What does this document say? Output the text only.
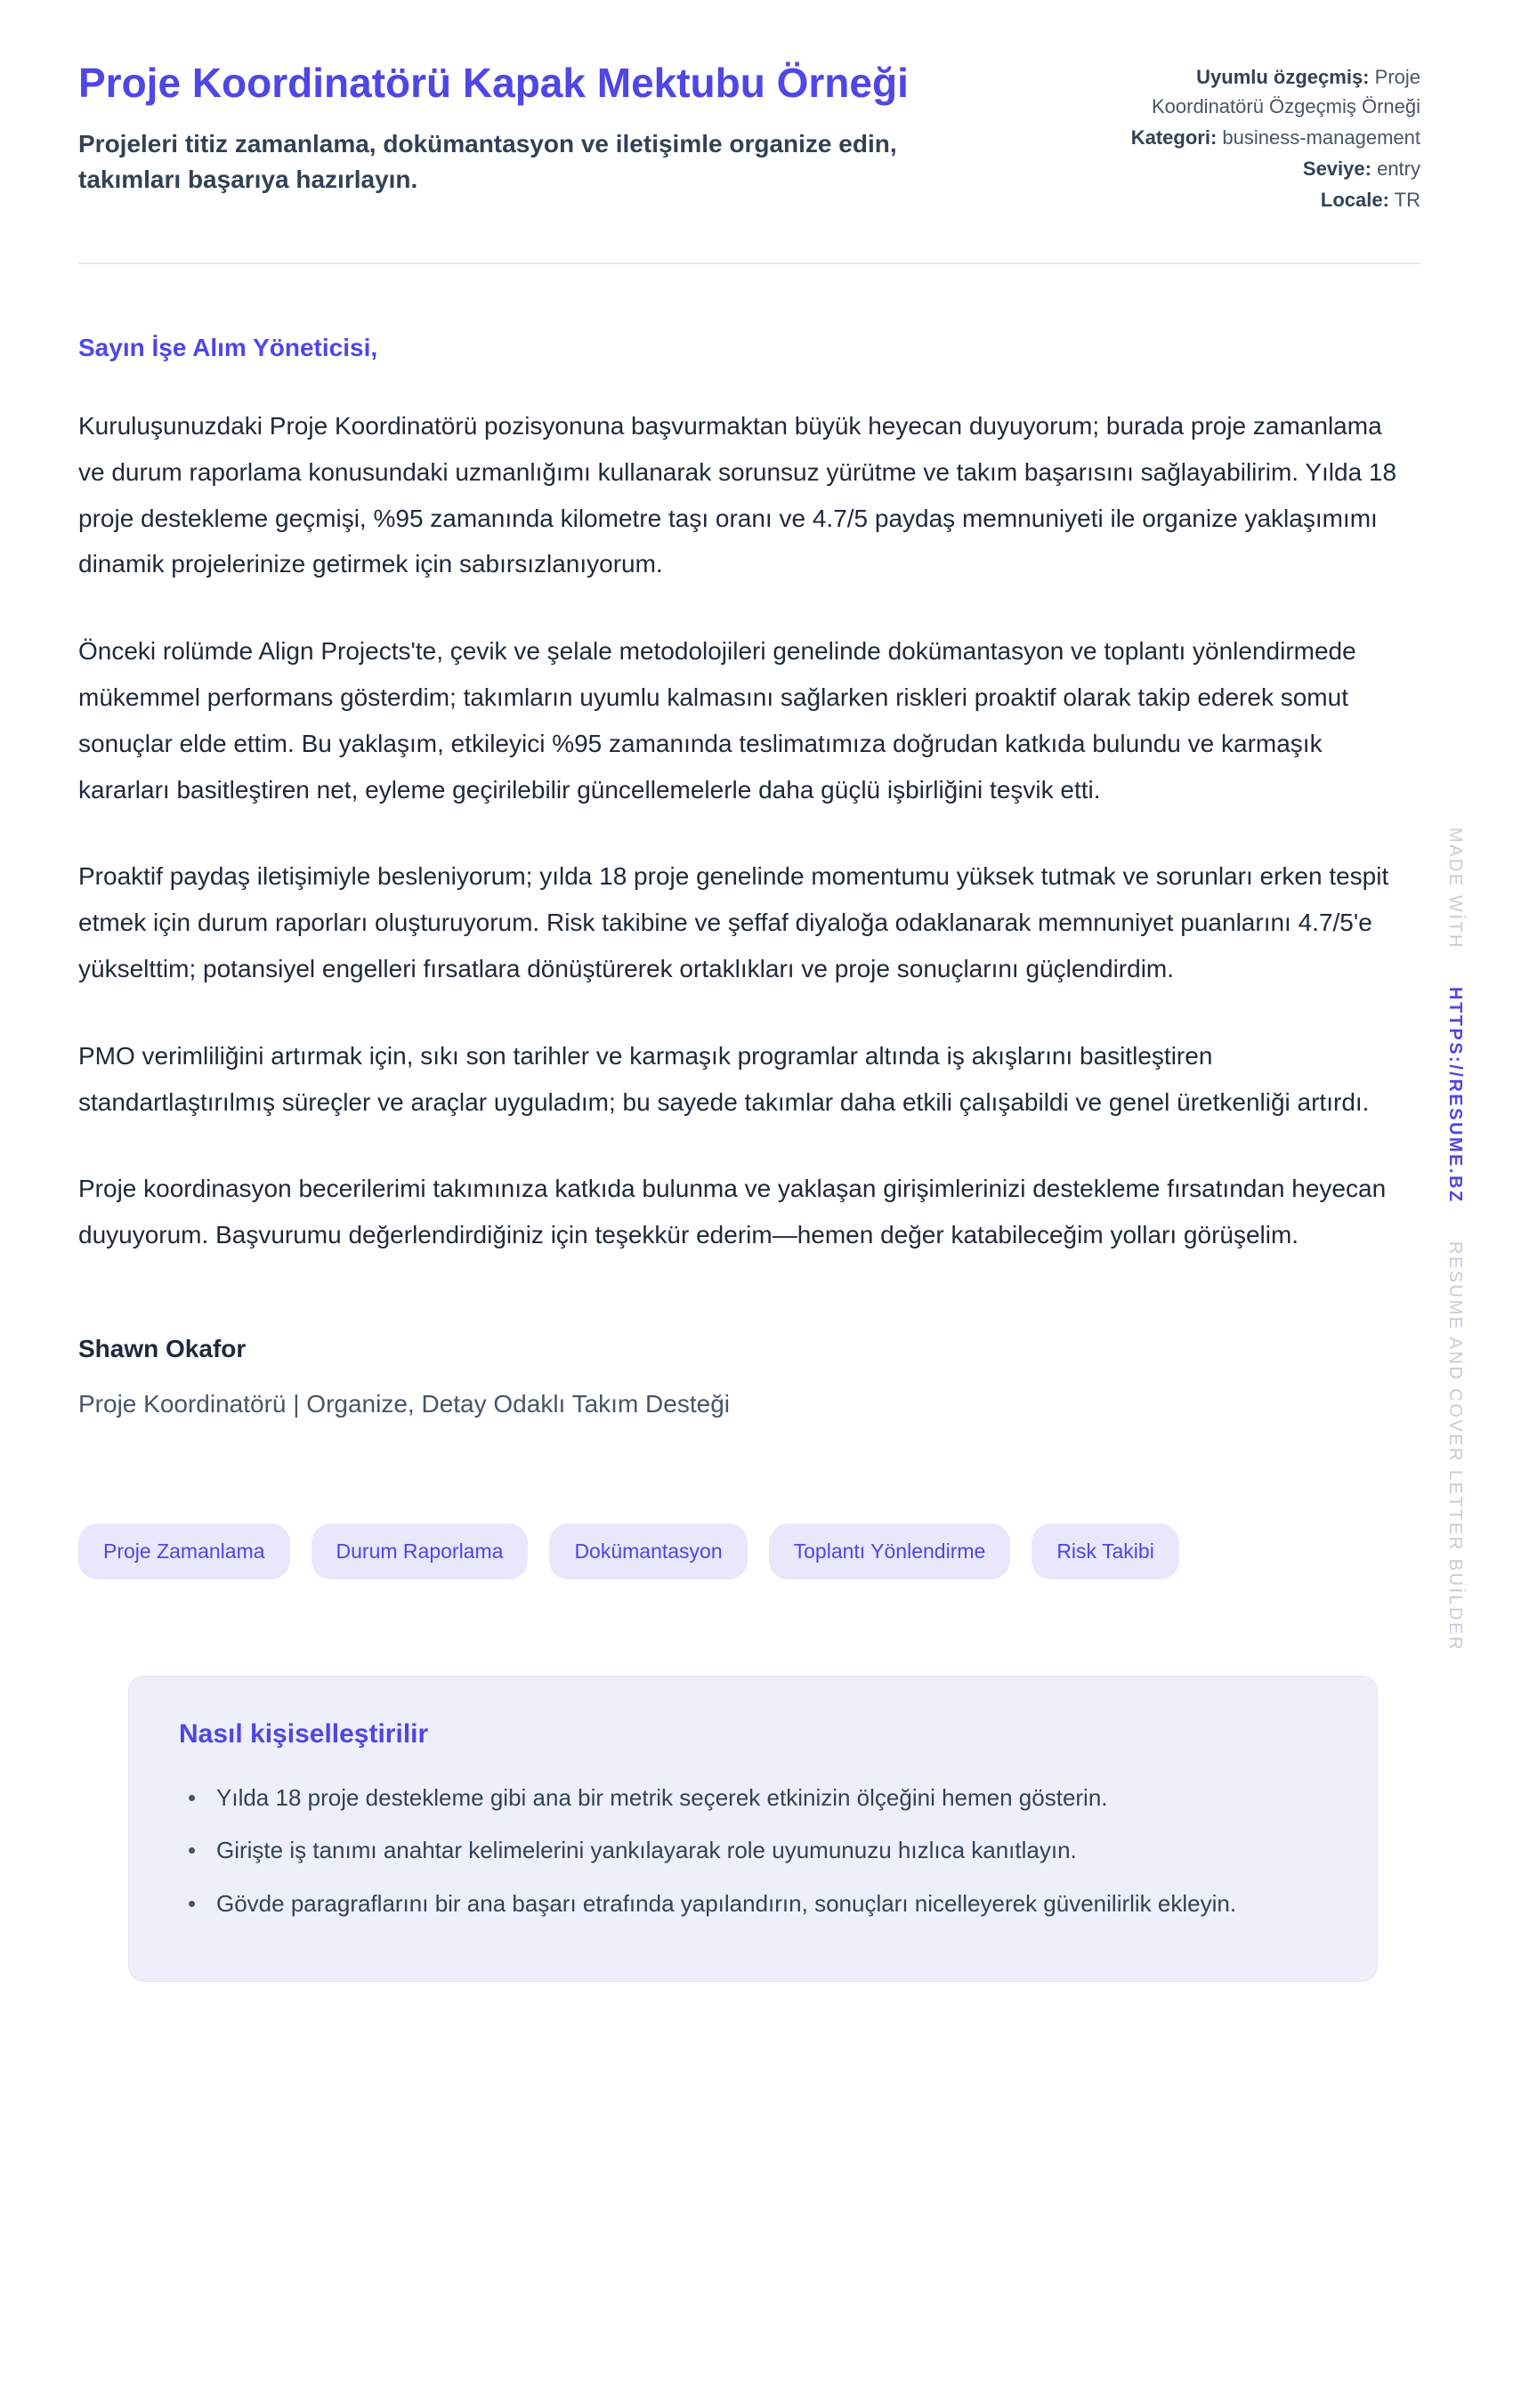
Proje Koordinatörü Kapak Mektubu Örneği

Projeleri titiz zamanlama, dokümantasyon ve iletişimle organize edin, takımları başarıya hazırlayın.

Uyumlu özgeçmiş: Proje Koordinatörü Özgeçmiş Örneği
Kategori: business-management
Seviye: entry
Locale: TR

Sayın İşe Alım Yöneticisi,

Kuruluşunuzdaki Proje Koordinatörü pozisyonuna başvurmaktan büyük heyecan duyuyorum; burada proje zamanlama ve durum raporlama konusundaki uzmanlığımı kullanarak sorunsuz yürütme ve takım başarısını sağlayabilirim. Yılda 18 proje destekleme geçmişi, %95 zamanında kilometre taşı oranı ve 4.7/5 paydaş memnuniyeti ile organize yaklaşımımı dinamik projelerinize getirmek için sabırsızlanıyorum.

Önceki rolümde Align Projects'te, çevik ve şelale metodolojileri genelinde dokümantasyon ve toplantı yönlendirmede mükemmel performans gösterdim; takımların uyumlu kalmasını sağlarken riskleri proaktif olarak takip ederek somut sonuçlar elde ettim. Bu yaklaşım, etkileyici %95 zamanında teslimatımıza doğrudan katkıda bulundu ve karmaşık kararları basitleştiren net, eyleme geçirilebilir güncellemelerle daha güçlü işbirliğini teşvik etti.

Proaktif paydaş iletişimiyle besleniyorum; yılda 18 proje genelinde momentumu yüksek tutmak ve sorunları erken tespit etmek için durum raporları oluşturuyorum. Risk takibine ve şeffaf diyaloğa odaklanarak memnuniyet puanlarını 4.7/5'e yükselttim; potansiyel engelleri fırsatlara dönüştürerek ortaklıkları ve proje sonuçlarını güçlendirdim.

PMO verimliliğini artırmak için, sıkı son tarihler ve karmaşık programlar altında iş akışlarını basitleştiren standartlaştırılmış süreçler ve araçlar uyguladım; bu sayede takımlar daha etkili çalışabildi ve genel üretkenliği artırdı.

Proje koordinasyon becerilerimi takımınıza katkıda bulunma ve yaklaşan girişimlerinizi destekleme fırsatından heyecan duyuyorum. Başvurumu değerlendirdiğiniz için teşekkür ederim—hemen değer katabileceğim yolları görüşelim.

Shawn Okafor

Proje Koordinatörü | Organize, Detay Odaklı Takım Desteği

Proje Zamanlama	Durum Raporlama	Dokümantasyon	Toplantı Yönlendirme	Risk Takibi
Nasıl kişiselleştirilir
• Yılda 18 proje destekleme gibi ana bir metrik seçerek etkinizin ölçeğini hemen gösterin.
• Girişte iş tanımı anahtar kelimelerini yankılayarak role uyumunuzu hızlıca kanıtlayın.
• Gövde paragraflarını bir ana başarı etrafında yapılandırın, sonuçları nicelleyerek güvenilirlik ekleyin.
MADE WİTH
HTTPS://RESUME.BZ
RESUME AND COVER LETTER BUİLDER
